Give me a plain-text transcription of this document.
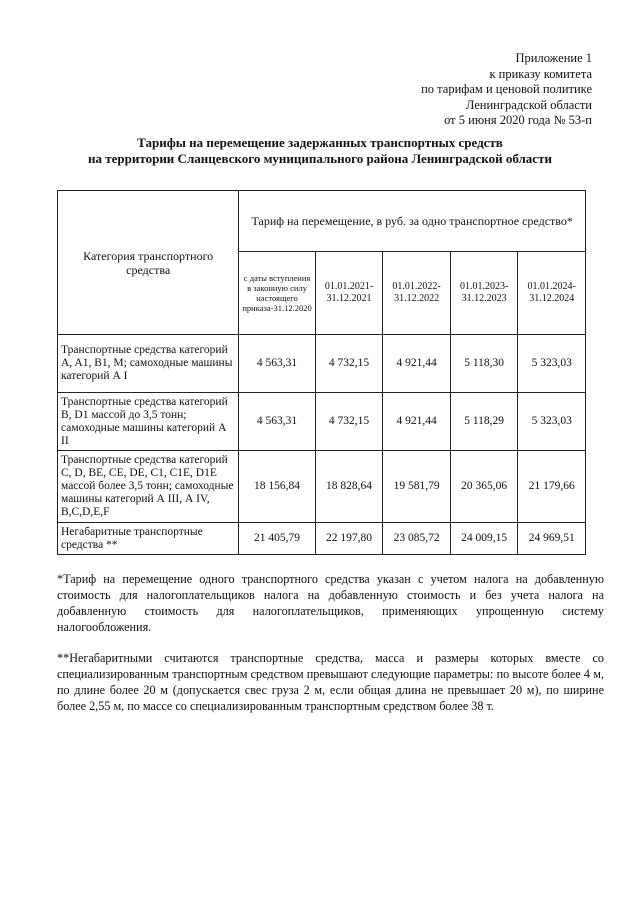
Приложение 1
к приказу комитета
по тарифам и ценовой политике
Ленинградской области
от 5 июня 2020 года № 53-п
Тарифы на перемещение задержанных транспортных средств
на территории Сланцевского муниципального района Ленинградской области
Категория транспортного средства	Тариф на перемещение, в руб. за одно транспортное средство*				
	с даты вступления в законную силу настоящего приказа-31.12.2020	01.01.2021-31.12.2021	01.01.2022-31.12.2022	01.01.2023-31.12.2023	01.01.2024-31.12.2024
Транспортные средства категорий A, A1, B1, M; самоходные машины категорий А I	4 563,31	4 732,15	4 921,44	5 118,30	5 323,03
Транспортные средства категорий B, D1 массой до 3,5 тонн; самоходные машины категорий А II	4 563,31	4 732,15	4 921,44	5 118,29	5 323,03
Транспортные средства категорий C, D, BE, CE, DE, C1, C1E, D1E массой более 3,5 тонн; самоходные машины категорий А III, А IV, B,C,D,E,F	18 156,84	18 828,64	19 581,79	20 365,06	21 179,66
Негабаритные транспортные средства **	21 405,79	22 197,80	23 085,72	24 009,15	24 969,51
*Тариф на перемещение одного транспортного средства указан с учетом налога на добавленную стоимость для налогоплательщиков налога на добавленную стоимость и без учета налога на добавленную стоимость для налогоплательщиков, применяющих упрощенную систему налогообложения.
**Негабаритными считаются транспортные средства, масса и размеры которых вместе со специализированным транспортным средством превышают следующие параметры: по высоте более 4 м, по длине более 20 м (допускается свес груза 2 м, если общая длина не превышает 20 м), по ширине более 2,55 м, по массе со специализированным транспортным средством более 38 т.
